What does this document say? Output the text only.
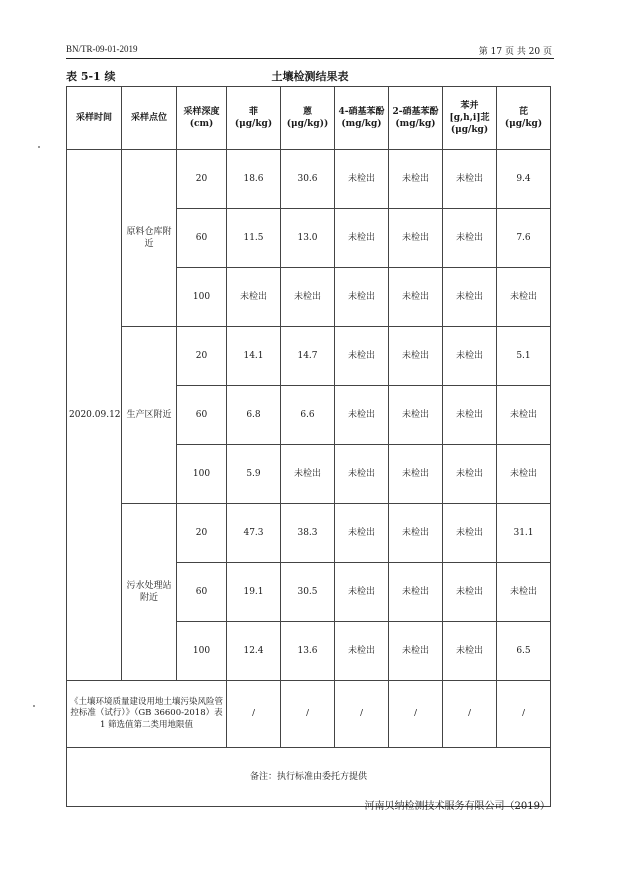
BN/TR-09-01-2019	第 17 页 共 20 页
土壤检测结果表
表 5-1 续
采样时间	采样点位	采样深度 (cm)	菲 (μg/kg)	蒽 (μg/kg))	4-硝基苯酚 (mg/kg)	2-硝基苯酚 (mg/kg)	苯并[g,h,i]苝(μg/kg)	芘 (μg/kg)
2020.09.12	原料仓库附近	20	18.6	30.6	未检出	未检出	未检出	9.4
		60	11.5	13.0	未检出	未检出	未检出	7.6
		100	未检出	未检出	未检出	未检出	未检出	未检出
	生产区附近	20	14.1	14.7	未检出	未检出	未检出	5.1
		60	6.8	6.6	未检出	未检出	未检出	未检出
		100	5.9	未检出	未检出	未检出	未检出	未检出
	污水处理站附近	20	47.3	38.3	未检出	未检出	未检出	31.1
		60	19.1	30.5	未检出	未检出	未检出	未检出
		100	12.4	13.6	未检出	未检出	未检出	6.5
《土壤环境质量建设用地土壤污染风险管控标准（试行）》（GB 36600-2018）表 1 筛选值第二类用地限值			/	/	/	/	/	/
备注：执行标准由委托方提供								
河南贝纳检测技术服务有限公司（2019）
